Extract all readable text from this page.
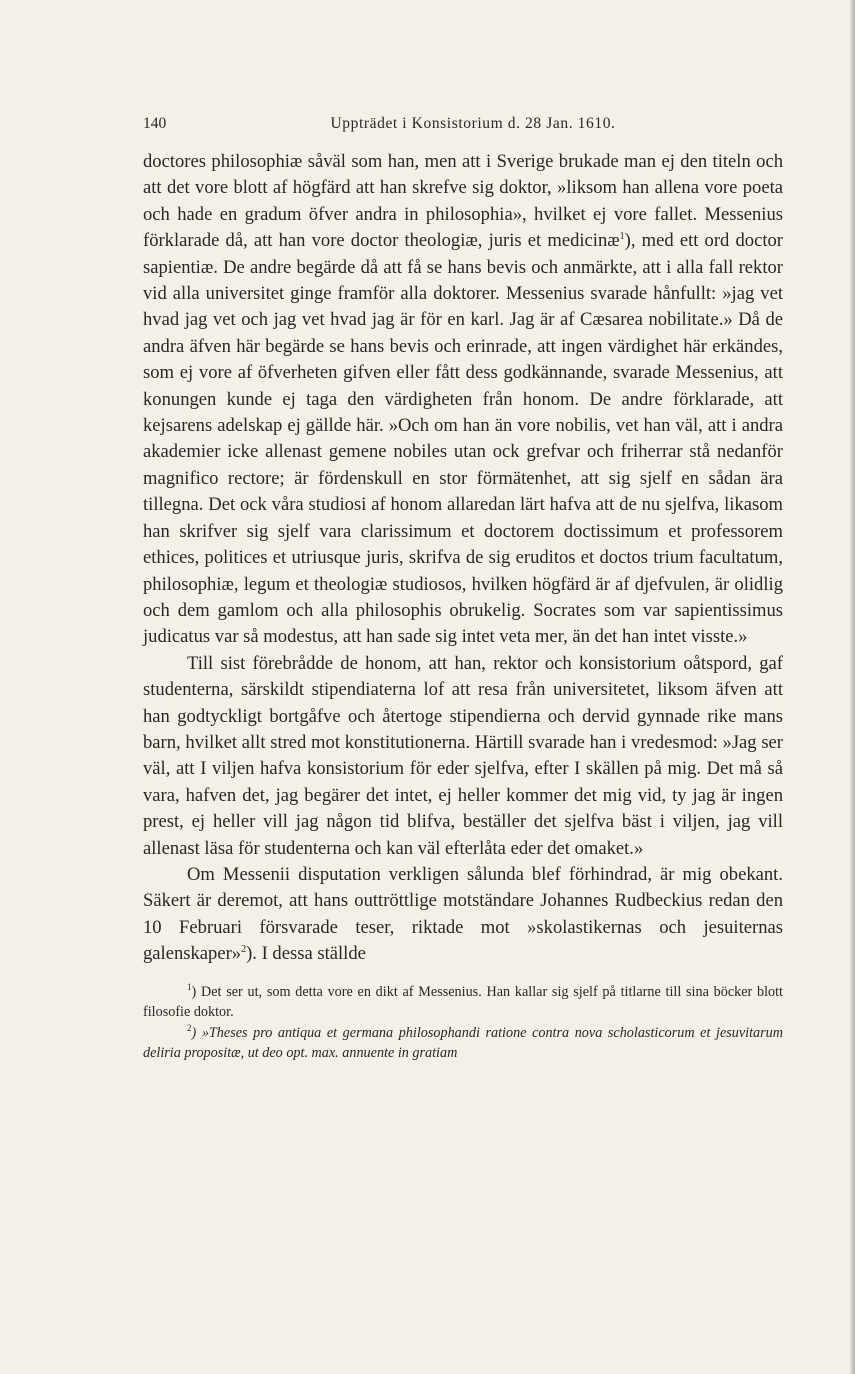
140	Uppträdet i Konsistorium d. 28 Jan. 1610.

doctores philosophiæ såväl som han, men att i Sverige brukade man ej den titeln och att det vore blott af högfärd att han skrefve sig doktor, »liksom han allena vore poeta och hade en gradum öfver andra in philosophia», hvilket ej vore fallet. Messenius förklarade då, att han vore doctor theologiæ, juris et medicinæ$^1$), med ett ord doctor sapientiæ. De andre begärde då att få se hans bevis och anmärkte, att i alla fall rektor vid alla universitet ginge framför alla doktorer. Messenius svarade hånfullt: »jag vet hvad jag vet och jag vet hvad jag är för en karl. Jag är af Cæsarea nobilitate.» Då de andra äfven här begärde se hans bevis och erinrade, att ingen värdighet här erkändes, som ej vore af öfverheten gifven eller fått dess godkännande, svarade Messenius, att konungen kunde ej taga den värdigheten från honom. De andre förklarade, att kejsarens adelskap ej gällde här. »Och om han än vore nobilis, vet han väl, att i andra akademier icke allenast gemene nobiles utan ock grefvar och friherrar stå nedanför magnifico rectore; är fördenskull en stor förmätenhet, att sig sjelf en sådan ära tillegna. Det ock våra studiosi af honom allaredan lärt hafva att de nu sjelfva, likasom han skrifver sig sjelf vara clarissimum et doctorem doctissimum et professorem ethices, politices et utriusque juris, skrifva de sig eruditos et doctos trium facultatum, philosophiæ, legum et theologiæ studiosos, hvilken högfärd är af djefvulen, är olidlig och dem gamlom och alla philosophis obrukelig. Socrates som var sapientissimus judicatus var så modestus, att han sade sig intet veta mer, än det han intet visste.»

Till sist förebrådde de honom, att han, rektor och konsistorium oåtspord, gaf studenterna, särskildt stipendiaterna lof att resa från universitetet, liksom äfven att han godtyckligt bortgåfve och återtoge stipendierna och dervid gynnade rike mans barn, hvilket allt stred mot konstitutionerna. Härtill svarade han i vredesmod: »Jag ser väl, att I viljen hafva konsistorium för eder sjelfva, efter I skällen på mig. Det må så vara, hafven det, jag begärer det intet, ej heller kommer det mig vid, ty jag är ingen prest, ej heller vill jag någon tid blifva, beställer det sjelfva bäst i viljen, jag vill allenast läsa för studenterna och kan väl efterlåta eder det omaket.»

Om Messenii disputation verkligen sålunda blef förhindrad, är mig obekant. Säkert är deremot, att hans outtröttlige motständare Johannes Rudbeckius redan den 10 Februari försvarade teser, riktade mot »skolastikernas och jesuiternas galenskaper»$^2$). I dessa ställde

$^1$) Det ser ut, som detta vore en dikt af Messenius. Han kallar sig sjelf på titlarne till sina böcker blott filosofie doktor.

$^2$) »Theses pro antiqua et germana philosophandi ratione contra nova scholasticorum et jesuvitarum deliria propositæ, ut deo opt. max. annuente in gratiam
